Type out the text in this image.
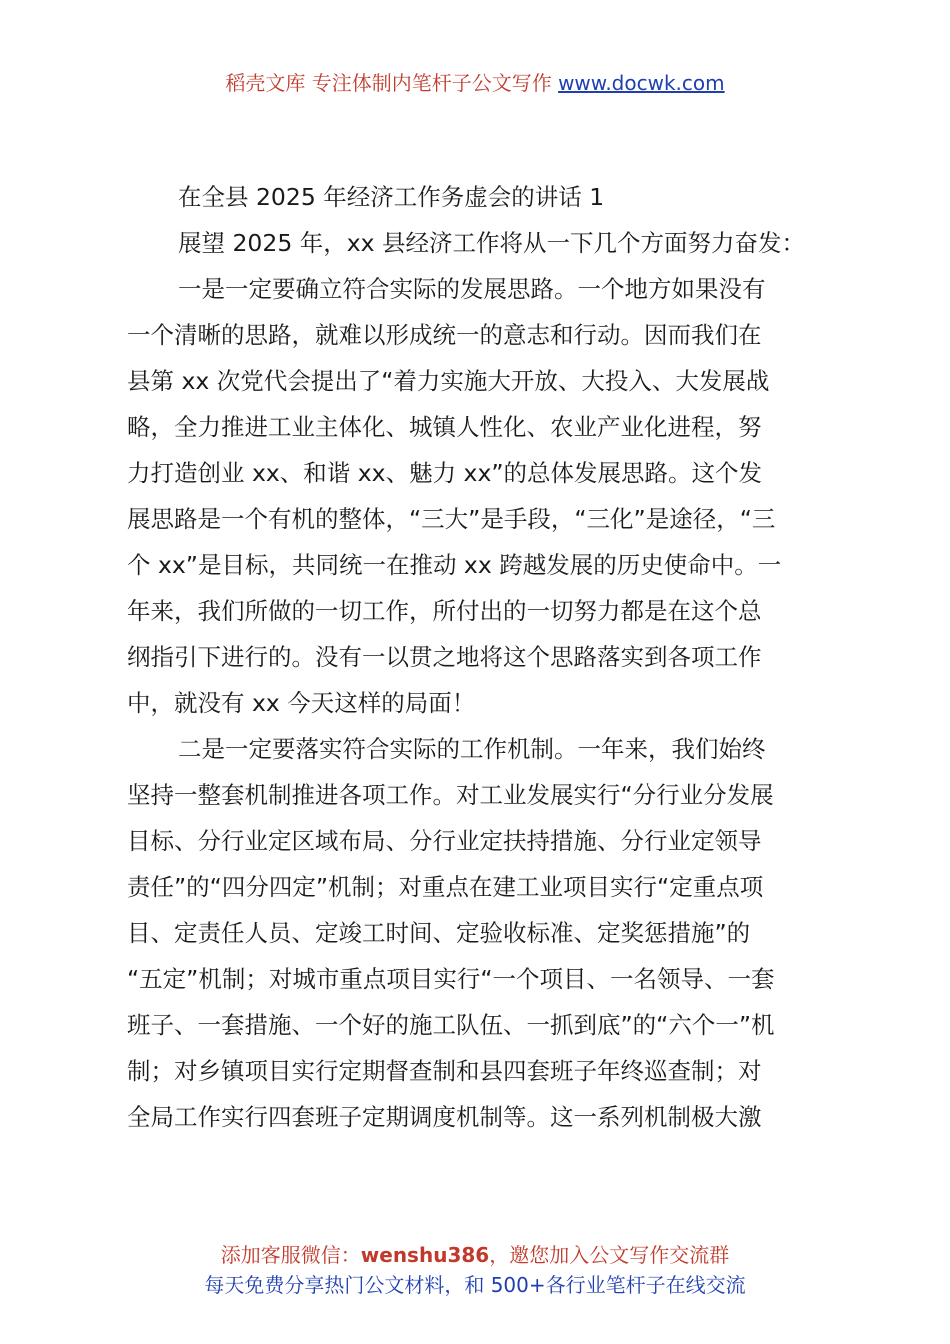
稻壳文库 专注体制内笔杆子公文写作 www.docwk.com
在全县 2025 年经济工作务虚会的讲话 1
展望 2025 年，xx 县经济工作将从一下几个方面努力奋发：
一是一定要确立符合实际的发展思路。一个地方如果没有
一个清晰的思路，就难以形成统一的意志和行动。因而我们在
县第 xx 次党代会提出了“着力实施大开放、大投入、大发展战
略，全力推进工业主体化、城镇人性化、农业产业化进程，努
力打造创业 xx、和谐 xx、魅力 xx”的总体发展思路。这个发
展思路是一个有机的整体，“三大”是手段，“三化”是途径，“三
个 xx”是目标，共同统一在推动 xx 跨越发展的历史使命中。一
年来，我们所做的一切工作，所付出的一切努力都是在这个总
纲指引下进行的。没有一以贯之地将这个思路落实到各项工作
中，就没有 xx 今天这样的局面！
二是一定要落实符合实际的工作机制。一年来，我们始终
坚持一整套机制推进各项工作。对工业发展实行“分行业分发展
目标、分行业定区域布局、分行业定扶持措施、分行业定领导
责任”的“四分四定”机制；对重点在建工业项目实行“定重点项
目、定责任人员、定竣工时间、定验收标准、定奖惩措施”的
“五定”机制；对城市重点项目实行“一个项目、一名领导、一套
班子、一套措施、一个好的施工队伍、一抓到底”的“六个一”机
制；对乡镇项目实行定期督查制和县四套班子年终巡查制；对
全局工作实行四套班子定期调度机制等。这一系列机制极大激
添加客服微信：wenshu386，邀您加入公文写作交流群
每天免费分享热门公文材料，和 500+各行业笔杆子在线交流
